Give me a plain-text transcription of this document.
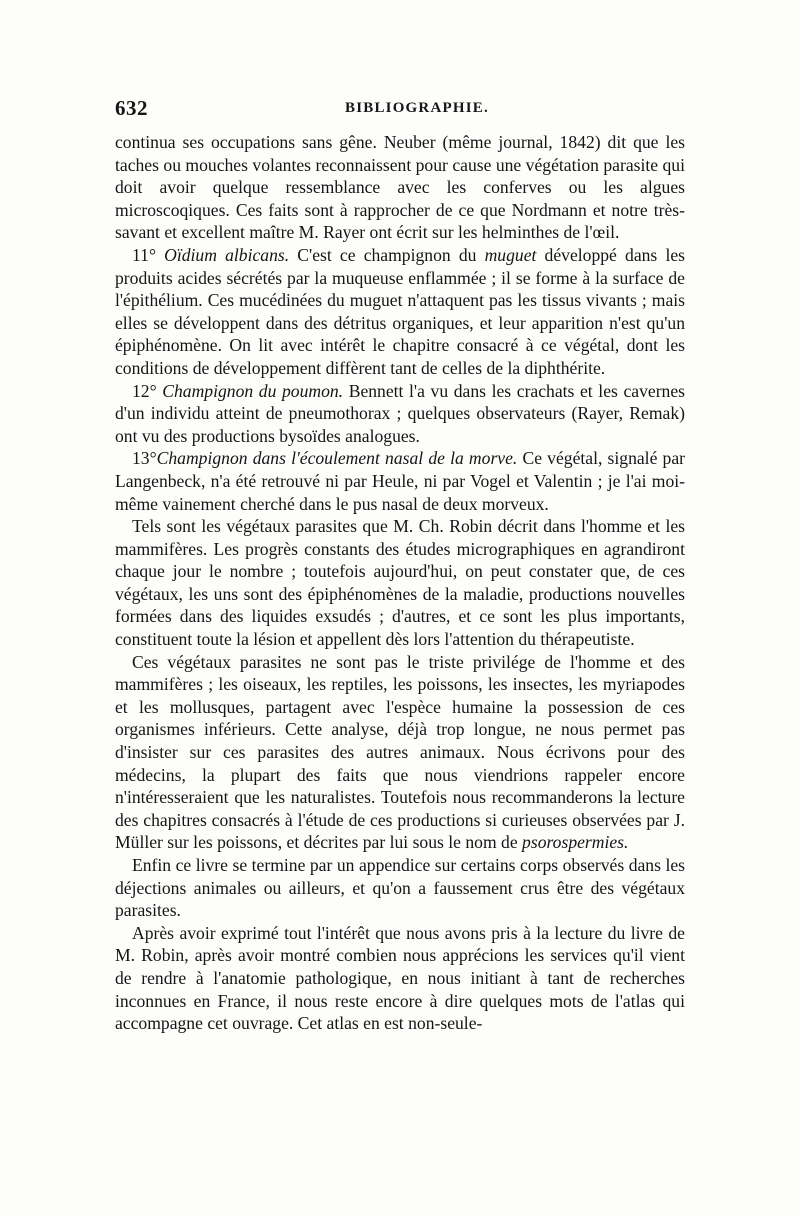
632	BIBLIOGRAPHIE.

continua ses occupations sans gêne. Neuber (même journal, 1842) dit que les taches ou mouches volantes reconnaissent pour cause une végétation parasite qui doit avoir quelque ressemblance avec les conferves ou les algues microscoqiques. Ces faits sont à rapprocher de ce que Nordmann et notre très-savant et excellent maître M. Rayer ont écrit sur les helminthes de l'œil.

11° Oïdium albicans. C'est ce champignon du muguet développé dans les produits acides sécrétés par la muqueuse enflammée ; il se forme à la surface de l'épithélium. Ces mucédinées du muguet n'attaquent pas les tissus vivants ; mais elles se développent dans des détritus organiques, et leur apparition n'est qu'un épiphénomène. On lit avec intérêt le chapitre consacré à ce végétal, dont les conditions de développement diffèrent tant de celles de la diphthérite.

12° Champignon du poumon. Bennett l'a vu dans les crachats et les cavernes d'un individu atteint de pneumothorax ; quelques observateurs (Rayer, Remak) ont vu des productions bysoïdes analogues.

13°Champignon dans l'écoulement nasal de la morve. Ce végétal, signalé par Langenbeck, n'a été retrouvé ni par Heule, ni par Vogel et Valentin ; je l'ai moi-même vainement cherché dans le pus nasal de deux morveux.

Tels sont les végétaux parasites que M. Ch. Robin décrit dans l'homme et les mammifères. Les progrès constants des études micrographiques en agrandiront chaque jour le nombre ; toutefois aujourd'hui, on peut constater que, de ces végétaux, les uns sont des épiphénomènes de la maladie, productions nouvelles formées dans des liquides exsudés ; d'autres, et ce sont les plus importants, constituent toute la lésion et appellent dès lors l'attention du thérapeutiste.

Ces végétaux parasites ne sont pas le triste privilége de l'homme et des mammifères ; les oiseaux, les reptiles, les poissons, les insectes, les myriapodes et les mollusques, partagent avec l'espèce humaine la possession de ces organismes inférieurs. Cette analyse, déjà trop longue, ne nous permet pas d'insister sur ces parasites des autres animaux. Nous écrivons pour des médecins, la plupart des faits que nous viendrions rappeler encore n'intéresseraient que les naturalistes. Toutefois nous recommanderons la lecture des chapitres consacrés à l'étude de ces productions si curieuses observées par J. Müller sur les poissons, et décrites par lui sous le nom de psorospermies.

Enfin ce livre se termine par un appendice sur certains corps observés dans les déjections animales ou ailleurs, et qu'on a faussement crus être des végétaux parasites.

Après avoir exprimé tout l'intérêt que nous avons pris à la lecture du livre de M. Robin, après avoir montré combien nous apprécions les services qu'il vient de rendre à l'anatomie pathologique, en nous initiant à tant de recherches inconnues en France, il nous reste encore à dire quelques mots de l'atlas qui accompagne cet ouvrage. Cet atlas en est non-seule-
